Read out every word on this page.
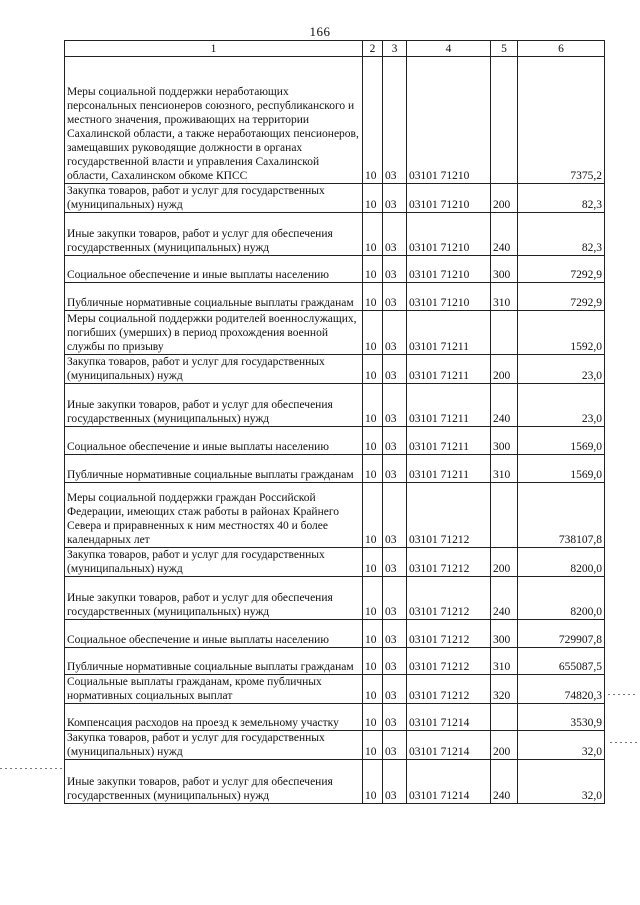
166
1	2	3	4	5	6
Меры социальной поддержки неработающих персональных пенсионеров союзного, республиканского и местного значения, проживающих на территории Сахалинской области, а также неработающих пенсионеров, замещавших руководящие должности в органах государственной власти и управления Сахалинской области, Сахалинском обкоме КПСС	10	03	03101 71210		7375,2
Закупка товаров, работ и услуг для государственных (муниципальных) нужд	10	03	03101 71210	200	82,3
Иные закупки товаров, работ и услуг для обеспечения государственных (муниципальных) нужд	10	03	03101 71210	240	82,3
Социальное обеспечение и иные выплаты населению	10	03	03101 71210	300	7292,9
Публичные нормативные социальные выплаты гражданам	10	03	03101 71210	310	7292,9
Меры социальной поддержки родителей военнослужащих, погибших (умерших) в период прохождения военной службы по призыву	10	03	03101 71211		1592,0
Закупка товаров, работ и услуг для государственных (муниципальных) нужд	10	03	03101 71211	200	23,0
Иные закупки товаров, работ и услуг для обеспечения государственных (муниципальных) нужд	10	03	03101 71211	240	23,0
Социальное обеспечение и иные выплаты населению	10	03	03101 71211	300	1569,0
Публичные нормативные социальные выплаты гражданам	10	03	03101 71211	310	1569,0
Меры социальной поддержки граждан Российской Федерации, имеющих стаж работы в районах Крайнего Севера и приравненных к ним местностях 40 и более календарных лет	10	03	03101 71212		738107,8
Закупка товаров, работ и услуг для государственных (муниципальных) нужд	10	03	03101 71212	200	8200,0
Иные закупки товаров, работ и услуг для обеспечения государственных (муниципальных) нужд	10	03	03101 71212	240	8200,0
Социальное обеспечение и иные выплаты населению	10	03	03101 71212	300	729907,8
Публичные нормативные социальные выплаты гражданам	10	03	03101 71212	310	655087,5
Социальные выплаты гражданам, кроме публичных нормативных социальных выплат	10	03	03101 71212	320	74820,3
Компенсация расходов на проезд к земельному участку	10	03	03101 71214		3530,9
Закупка товаров, работ и услуг для государственных (муниципальных) нужд	10	03	03101 71214	200	32,0
Иные закупки товаров, работ и услуг для обеспечения государственных (муниципальных) нужд	10	03	03101 71214	240	32,0
